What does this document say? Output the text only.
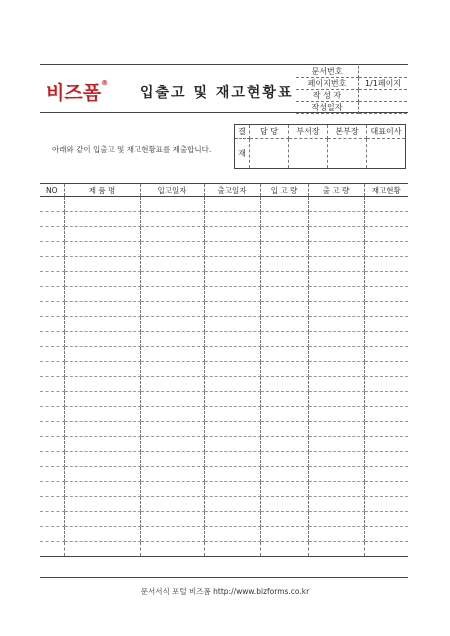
비즈폼®
입출고 및 재고현황표
문서번호	
페이지번호	1/1페이지
작 성 자	
작성일자	
아래와 같이 입출고 및 재고현황표를 제출합니다.
결	담 당	부서장	본부장	대표이사
재				
NO	제 품 명	입고일자	출고일자	입 고 량	출 고 량	재고현황

문서서식 포털 비즈폼 http://www.bizforms.co.kr
